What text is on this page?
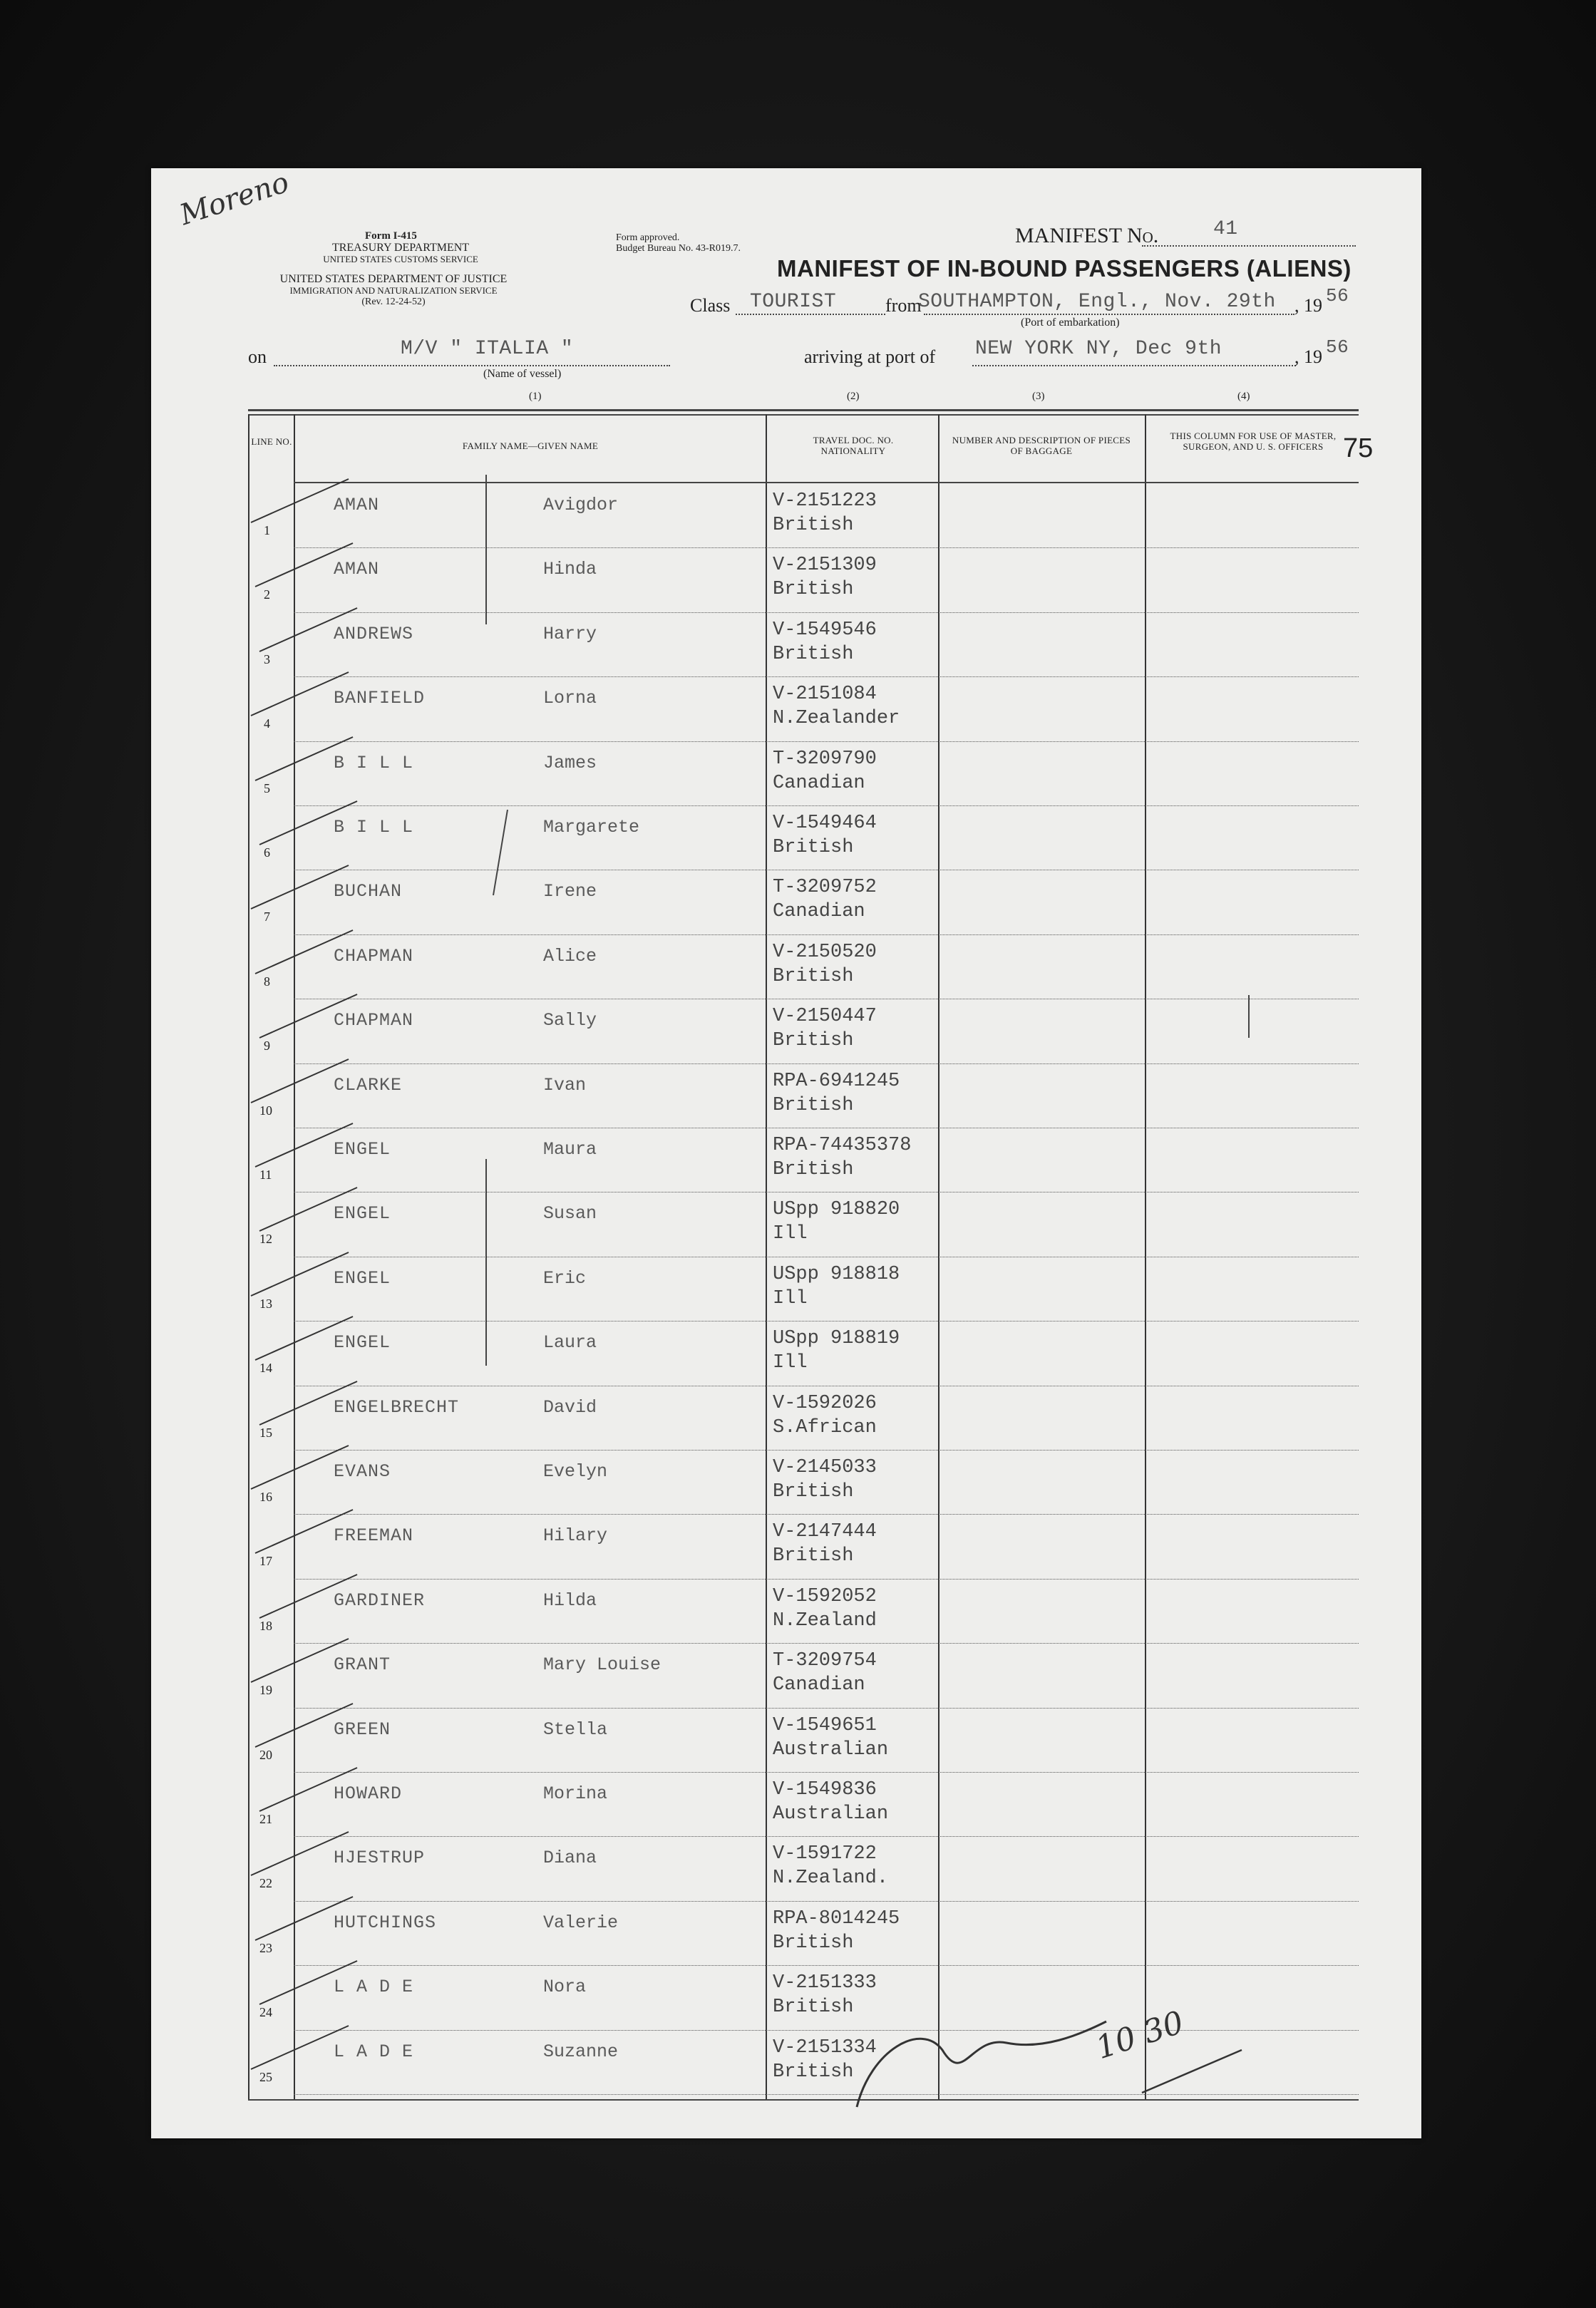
Moreno
Form I-415
TREASURY DEPARTMENT
UNITED STATES CUSTOMS SERVICE
UNITED STATES DEPARTMENT OF JUSTICE
IMMIGRATION AND NATURALIZATION SERVICE
(Rev. 12-24-52)
Form approved.
Budget Bureau No. 43-R019.7.
MANIFEST No.	41
MANIFEST OF IN-BOUND PASSENGERS (ALIENS)
Class TOURIST	from
SOUTHAMPTON, Engl., Nov. 29th , 19 56
(Port of embarkation)
on	M/V " ITALIA "
(Name of vessel)
arriving at port of NEW YORK NY, Dec 9th	, 19 56
(1)	(2)	(3)	(4)
LINE NO.	FAMILY NAME—GIVEN NAME
TRAVEL DOC. NO. NATIONALITY
NUMBER AND DESCRIPTION OF PIECES OF BAGGAGE
THIS COLUMN FOR USE OF MASTER, SURGEON, AND U. S. OFFICERS 75
1
AMAN	Avigdor	V-2151223
British
2
AMAN	Hinda	V-2151309
British
3
ANDREWS	Harry	V-1549546
British
4
BANFIELD	Lorna	V-2151084
N.Zealander
5
B I L L	James	T-3209790
Canadian
6
B I L L	Margarete	V-1549464
British
7
BUCHAN	Irene	T-3209752
Canadian
8
CHAPMAN	Alice	V-2150520
British
9
CHAPMAN	Sally	V-2150447
British
10
CLARKE	Ivan	RPA-6941245
British
11
ENGEL	Maura	RPA-74435378
British
12
ENGEL	Susan	USpp 918820
Ill
13
ENGEL	Eric	USpp 918818
Ill
14
ENGEL	Laura	USpp 918819
Ill
15
ENGELBRECHT	David	V-1592026
S.African
16
EVANS	Evelyn	V-2145033
British
17
FREEMAN	Hilary	V-2147444
British
18
GARDINER	Hilda	V-1592052
N.Zealand
19
GRANT	Mary Louise	T-3209754
Canadian
20
GREEN	Stella	V-1549651
Australian
21
HOWARD	Morina	V-1549836
Australian
22
HJESTRUP	Diana	V-1591722
N.Zealand.
23
HUTCHINGS	Valerie	RPA-8014245
British
24
L A D E	Nora	V-2151333
British
25
L A D E	Suzanne	V-2151334
British
10 30
